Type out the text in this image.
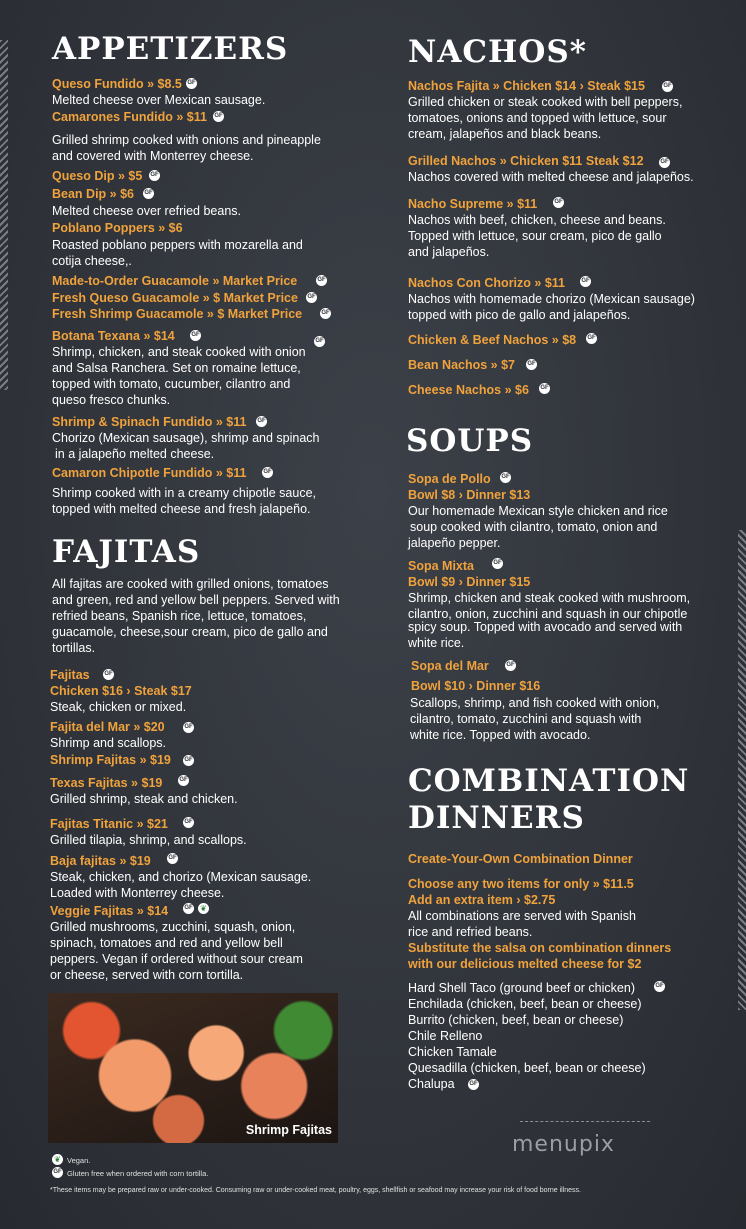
APPETIZERS
Queso Fundido » $8.5 GF
Melted cheese over Mexican sausage.
Camarones Fundido » $11 GF
Grilled shrimp cooked with onions and pineapple
and covered with Monterrey cheese.
Queso Dip » $5 GF
Bean Dip » $6 GF
Melted cheese over refried beans.
Poblano Poppers » $6
Roasted poblano peppers with mozarella and
cotija cheese,.
Made-to-Order Guacamole » Market Price	GF
Fresh Queso Guacamole » $ Market Price GF
Fresh Shrimp Guacamole » $ Market Price	GF
Botana Texana » $14	GF
GF
Shrimp, chicken, and steak cooked with onion
and Salsa Ranchera. Set on romaine lettuce,
topped with tomato, cucumber, cilantro and
queso fresco chunks.
Shrimp & Spinach Fundido » $11 GF
Chorizo (Mexican sausage), shrimp and spinach
in a jalapeño melted cheese.
Camaron Chipotle Fundido » $11	GF
Shrimp cooked with in a creamy chipotle sauce,
topped with melted cheese and fresh jalapeño.
FAJITAS
All fajitas are cooked with grilled onions, tomatoes
and green, red and yellow bell peppers. Served with
refried beans, Spanish rice, lettuce, tomatoes,
guacamole, cheese,sour cream, pico de gallo and
tortillas.
Fajitas GF
Chicken $16 › Steak $17
Steak, chicken or mixed.
Fajita del Mar » $20	GF
Shrimp and scallops.
Shrimp Fajitas » $19 GF
Texas Fajitas » $19	GF
Grilled shrimp, steak and chicken.
Fajitas Titanic » $21	GF
Grilled tilapia, shrimp, and scallops.
Baja fajitas » $19	GF
Steak, chicken, and chorizo (Mexican sausage.
Loaded with Monterrey cheese.
Veggie Fajitas » $14	GF ❦
Grilled mushrooms, zucchini, squash, onion,
spinach, tomatoes and red and yellow bell
peppers. Vegan if ordered without sour cream
or cheese, served with corn tortilla.
Shrimp Fajitas
NACHOS*
Nachos Fajita » Chicken $14 › Steak $15	GF
Grilled chicken or steak cooked with bell peppers,
tomatoes, onions and topped with lettuce, sour
cream, jalapeños and black beans.
Grilled Nachos » Chicken $11 Steak $12	GF
Nachos covered with melted cheese and jalapeños.
Nacho Supreme » $11	GF
Nachos with beef, chicken, cheese and beans.
Topped with lettuce, sour cream, pico de gallo
and jalapeños.
Nachos Con Chorizo » $11	GF
Nachos with homemade chorizo (Mexican sausage)
topped with pico de gallo and jalapeños.
Chicken & Beef Nachos » $8 GF
Bean Nachos » $7 GF
Cheese Nachos » $6 GF
SOUPS
Sopa de Pollo GF
Bowl $8 › Dinner $13
Our homemade Mexican style chicken and rice
soup cooked with cilantro, tomato, onion and
jalapeño pepper.
Sopa Mixta	GF
Bowl $9 › Dinner $15
Shrimp, chicken and steak cooked with mushroom,
cilantro, onion, zucchini and squash in our chipotle
spicy soup. Topped with avocado and served with
white rice.
Sopa del Mar	GF
Bowl $10 › Dinner $16
Scallops, shrimp, and fish cooked with onion,
cilantro, tomato, zucchini and squash with
white rice. Topped with avocado.
COMBINATION
DINNERS
Create-Your-Own Combination Dinner
Choose any two items for only » $11.5
Add an extra item › $2.75
All combinations are served with Spanish
rice and refried beans.
Substitute the salsa on combination dinners
with our delicious melted cheese for $2
Hard Shell Taco (ground beef or chicken)	GF
Enchilada (chicken, beef, bean or cheese)
Burrito (chicken, beef, bean or cheese)
Chile Relleno
Chicken Tamale
Quesadilla (chicken, beef, bean or cheese)
Chalupa GF
menupix
❦ Vegan.
GF Gluten free when ordered with corn tortilla.
*These items may be prepared raw or under-cooked. Consuming raw or under-cooked meat, poultry, eggs, shellfish or seafood may increase your risk of food borne illness.
